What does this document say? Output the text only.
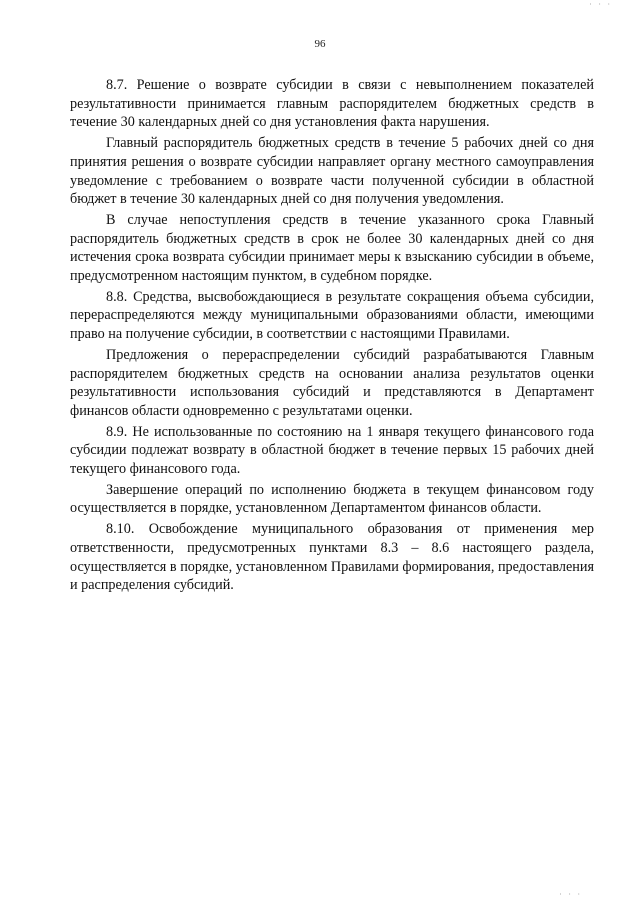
· · ·
96

8.7. Решение о возврате субсидии в связи с невыполнением показателей результативности принимается главным распорядителем бюджетных средств в течение 30 календарных дней со дня установления факта нарушения.

Главный распорядитель бюджетных средств в течение 5 рабочих дней со дня принятия решения о возврате субсидии направляет органу местного самоуправления уведомление с требованием о возврате части полученной субсидии в областной бюджет в течение 30 календарных дней со дня получения уведомления.

В случае непоступления средств в течение указанного срока Главный распорядитель бюджетных средств в срок не более 30 календарных дней со дня истечения срока возврата субсидии принимает меры к взысканию субсидии в объеме, предусмотренном настоящим пунктом, в судебном порядке.

8.8. Средства, высвобождающиеся в результате сокращения объема субсидии, перераспределяются между муниципальными образованиями области, имеющими право на получение субсидии, в соответствии с настоящими Правилами.

Предложения о перераспределении субсидий разрабатываются Главным распорядителем бюджетных средств на основании анализа результатов оценки результативности использования субсидий и представляются в Департамент финансов области одновременно с результатами оценки.

8.9. Не использованные по состоянию на 1 января текущего финансового года субсидии подлежат возврату в областной бюджет в течение первых 15 рабочих дней текущего финансового года.

Завершение операций по исполнению бюджета в текущем финансовом году осуществляется в порядке, установленном Департаментом финансов области.

8.10. Освобождение муниципального образования от применения мер ответственности, предусмотренных пунктами 8.3 – 8.6 настоящего раздела, осуществляется в порядке, установленном Правилами формирования, предоставления и распределения субсидий.

· · ·
